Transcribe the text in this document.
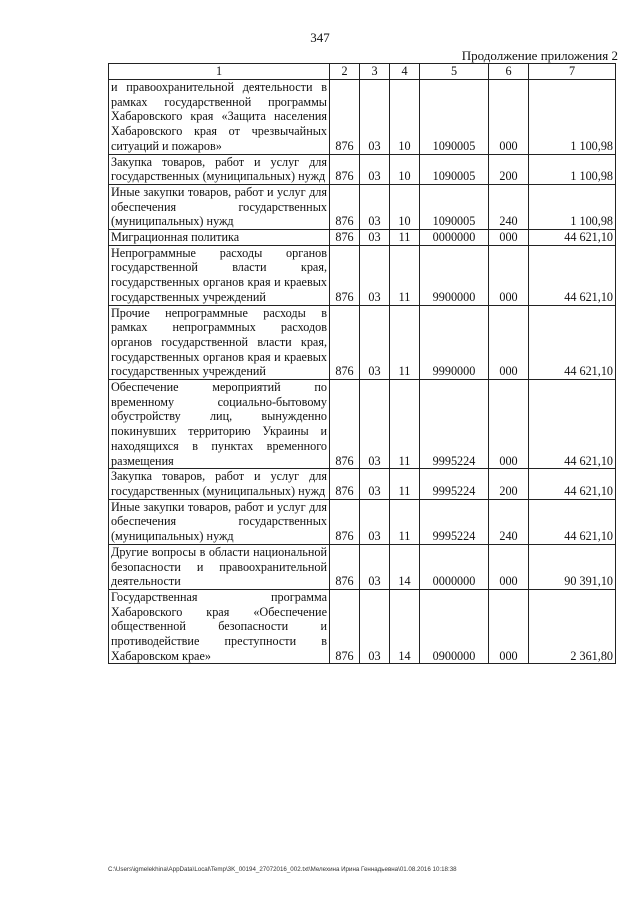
347
Продолжение приложения 2
1	2	3	4	5	6	7
и правоохранительной деятельности в рамках государственной программы Хабаровского края «Защита населения Хабаровского края от чрезвычайных ситуаций и пожаров»	876	03	10	1090005	000	1 100,98
Закупка товаров, работ и услуг для государственных (муниципальных) нужд	876	03	10	1090005	200	1 100,98
Иные закупки товаров, работ и услуг для обеспечения государственных (муниципальных) нужд	876	03	10	1090005	240	1 100,98
Миграционная политика	876	03	11	0000000	000	44 621,10
Непрограммные расходы органов государственной власти края, государственных органов края и краевых государственных учреждений	876	03	11	9900000	000	44 621,10
Прочие непрограммные расходы в рамках непрограммных расходов органов государственной власти края, государственных органов края и краевых государственных учреждений	876	03	11	9990000	000	44 621,10
Обеспечение мероприятий по временному социально-бытовому обустройству лиц, вынужденно покинувших территорию Украины и находящихся в пунктах временного размещения	876	03	11	9995224	000	44 621,10
Закупка товаров, работ и услуг для государственных (муниципальных) нужд	876	03	11	9995224	200	44 621,10
Иные закупки товаров, работ и услуг для обеспечения государственных (муниципальных) нужд	876	03	11	9995224	240	44 621,10
Другие вопросы в области национальной безопасности и правоохранительной деятельности	876	03	14	0000000	000	90 391,10
Государственная программа Хабаровского края «Обеспечение общественной безопасности и противодействие преступности в Хабаровском крае»	876	03	14	0900000	000	2 361,80
C:\Users\igmelekhina\AppData\Local\Temp\3K_00194_27072016_002.txt\Мелехина Ирина Геннадьевна\01.08.2016 10:18:38
